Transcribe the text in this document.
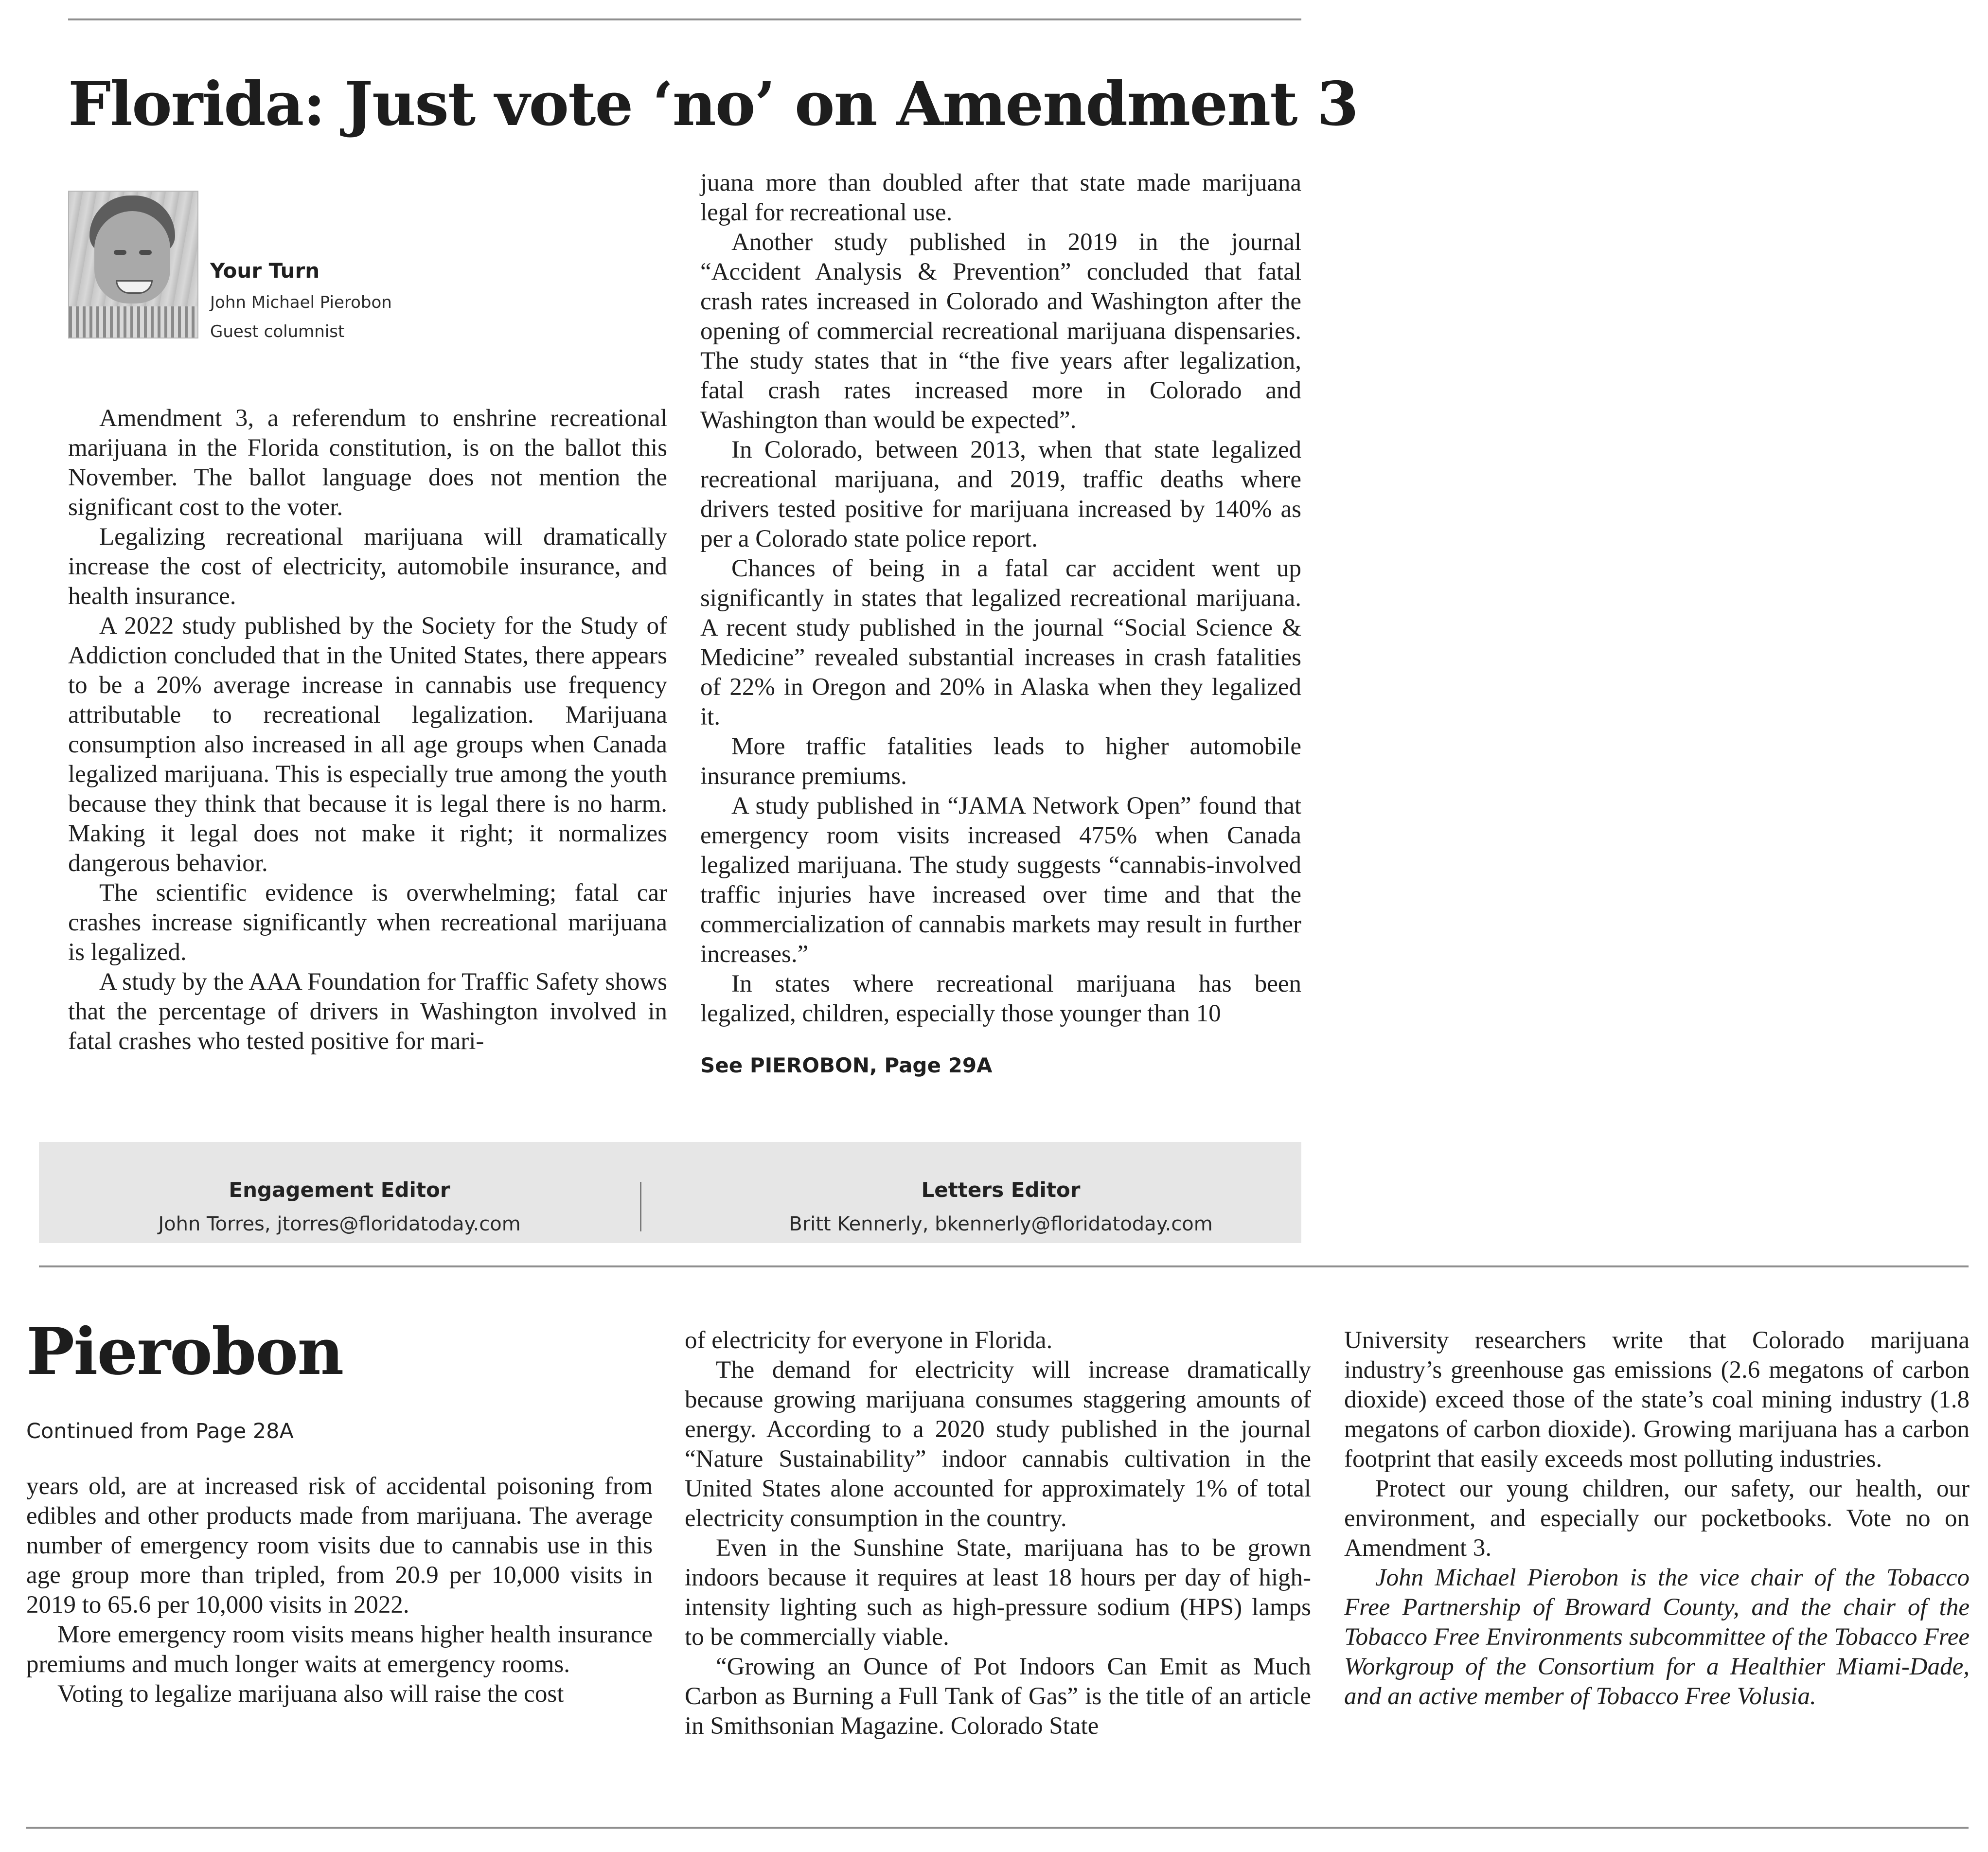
Florida: Just vote ‘no’ on Amendment 3
Your Turn
John Michael Pierobon
Guest columnist

Amendment 3, a referendum to enshrine recreational marijuana in the Florida constitution, is on the ballot this November. The ballot language does not mention the significant cost to the voter.

Legalizing recreational marijuana will dramatically increase the cost of electricity, automobile insurance, and health insurance.

A 2022 study published by the Society for the Study of Addiction concluded that in the United States, there appears to be a 20% average increase in cannabis use frequency attributable to recreational legalization. Marijuana consumption also increased in all age groups when Canada legalized marijuana. This is especially true among the youth because they think that because it is legal there is no harm. Making it legal does not make it right; it normalizes dangerous behavior.

The scientific evidence is overwhelming; fatal car crashes increase significantly when recreational marijuana is legalized.

A study by the AAA Foundation for Traffic Safety shows that the percentage of drivers in Washington involved in fatal crashes who tested positive for mari-

juana more than doubled after that state made marijuana legal for recreational use.

Another study published in 2019 in the journal “Accident Analysis & Prevention” concluded that fatal crash rates increased in Colorado and Washington after the opening of commercial recreational marijuana dispensaries. The study states that in “the five years after legalization, fatal crash rates increased more in Colorado and Washington than would be expected”.

In Colorado, between 2013, when that state legalized recreational marijuana, and 2019, traffic deaths where drivers tested positive for marijuana increased by 140% as per a Colorado state police report.

Chances of being in a fatal car accident went up significantly in states that legalized recreational marijuana. A recent study published in the journal “Social Science & Medicine” revealed substantial increases in crash fatalities of 22% in Oregon and 20% in Alaska when they legalized it.

More traffic fatalities leads to higher automobile insurance premiums.

A study published in “JAMA Network Open” found that emergency room visits increased 475% when Canada legalized marijuana. The study suggests “cannabis-involved traffic injuries have increased over time and that the commercialization of cannabis markets may result in further increases.”

In states where recreational marijuana has been legalized, children, especially those younger than 10

See PIEROBON, Page 29A
Engagement Editor
John Torres, jtorres@floridatoday.com
Letters Editor
Britt Kennerly, bkennerly@floridatoday.com
Pierobon
Continued from Page 28A

years old, are at increased risk of accidental poisoning from edibles and other products made from marijuana. The average number of emergency room visits due to cannabis use in this age group more than tripled, from 20.9 per 10,000 visits in 2019 to 65.6 per 10,000 visits in 2022.

More emergency room visits means higher health insurance premiums and much longer waits at emergency rooms.

Voting to legalize marijuana also will raise the cost

of electricity for everyone in Florida.

The demand for electricity will increase dramatically because growing marijuana consumes staggering amounts of energy. According to a 2020 study published in the journal “Nature Sustainability” indoor cannabis cultivation in the United States alone accounted for approximately 1% of total electricity consumption in the country.

Even in the Sunshine State, marijuana has to be grown indoors because it requires at least 18 hours per day of high-intensity lighting such as high-pressure sodium (HPS) lamps to be commercially viable.

“Growing an Ounce of Pot Indoors Can Emit as Much Carbon as Burning a Full Tank of Gas” is the title of an article in Smithsonian Magazine. Colorado State

University researchers write that Colorado marijuana industry’s greenhouse gas emissions (2.6 megatons of carbon dioxide) exceed those of the state’s coal mining industry (1.8 megatons of carbon dioxide). Growing marijuana has a carbon footprint that easily exceeds most polluting industries.

Protect our young children, our safety, our health, our environment, and especially our pocketbooks. Vote no on Amendment 3.

John Michael Pierobon is the vice chair of the Tobacco Free Partnership of Broward County, and the chair of the Tobacco Free Environments subcommittee of the Tobacco Free Workgroup of the Consortium for a Healthier Miami-Dade, and an active member of Tobacco Free Volusia.
